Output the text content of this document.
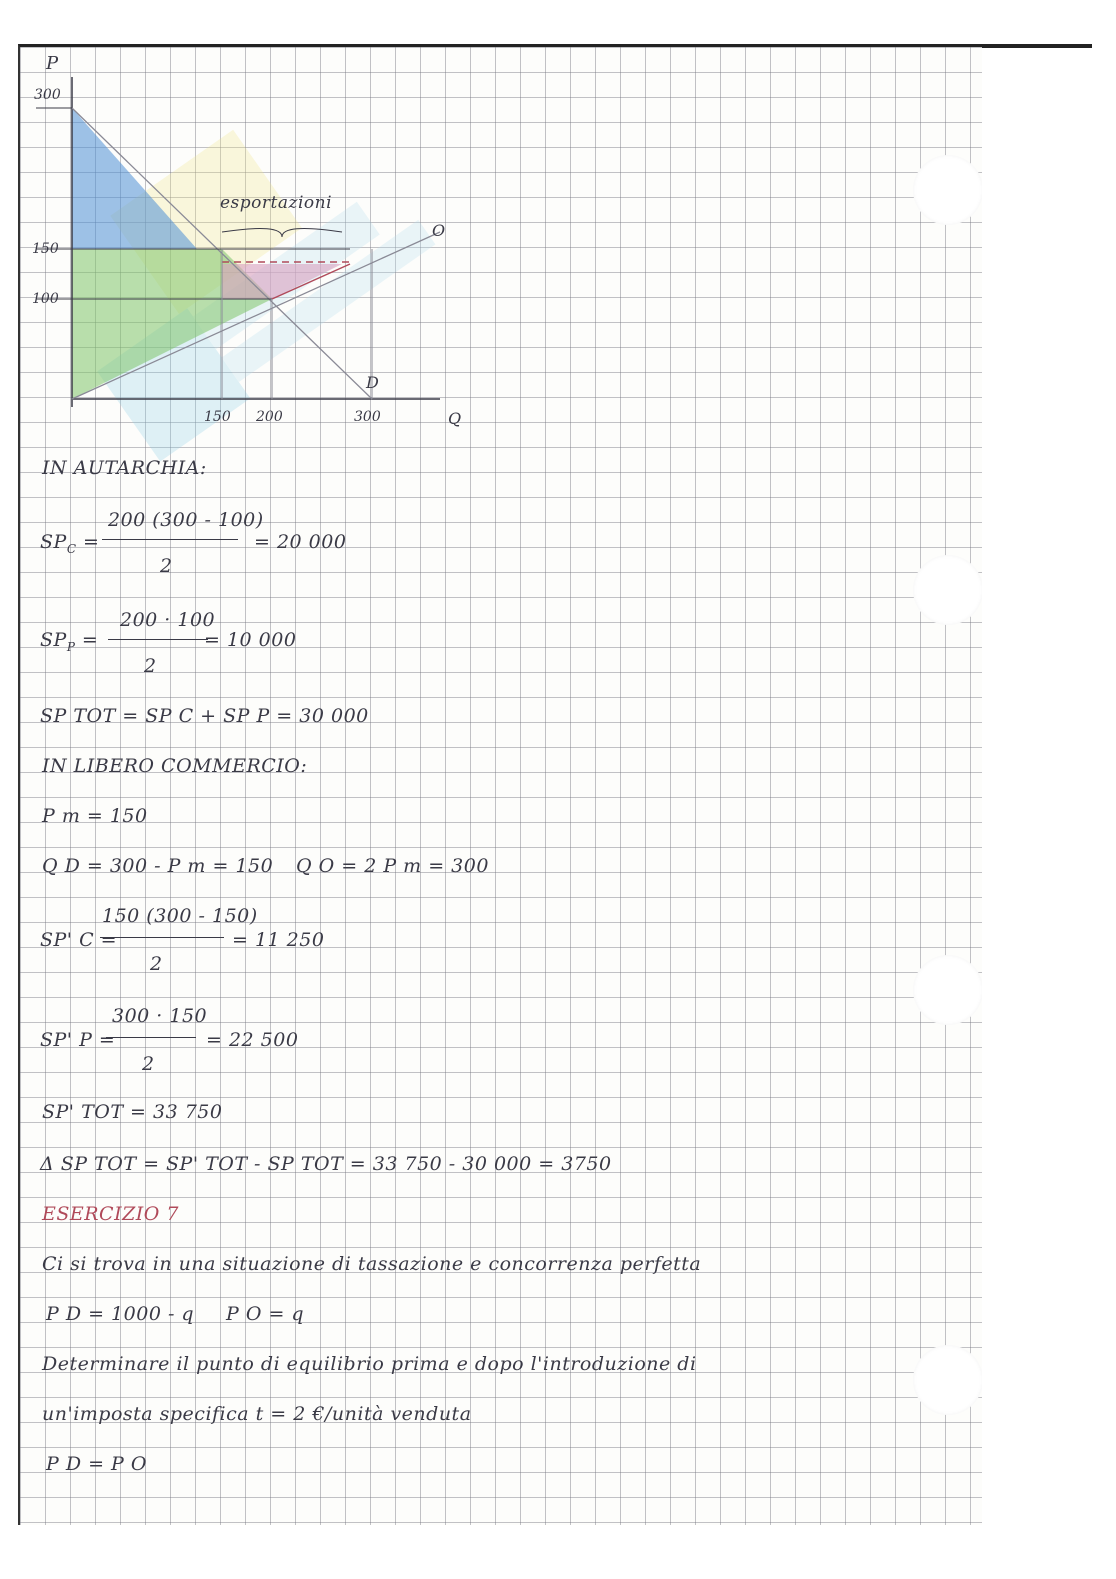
P

Q

300

150

100

150 200	300

O

D

esportazioni

IN AUTARCHIA:

$SP_C$ =

200 (300 - 100)

2

= 20 000

$SP_P$ =

200 · 100

2

= 10 000

SP TOT = SP C + SP P = 30 000

IN LIBERO COMMERCIO:

P m = 150

Q D = 300 - P m = 150 Q O = 2 P m = 300

SP' C =

150 (300 - 150)

2

= 11 250

SP' P =

300 · 150

2

= 22 500

SP' TOT = 33 750

Δ SP TOT = SP' TOT - SP TOT = 33 750 - 30 000 = 3750

ESERCIZIO 7

Ci si trova in una situazione di tassazione e concorrenza perfetta

P D = 1000 - q P O = q

Determinare il punto di equilibrio prima e dopo l'introduzione di

un'imposta specifica t = 2 €/unità venduta

P D = P O
